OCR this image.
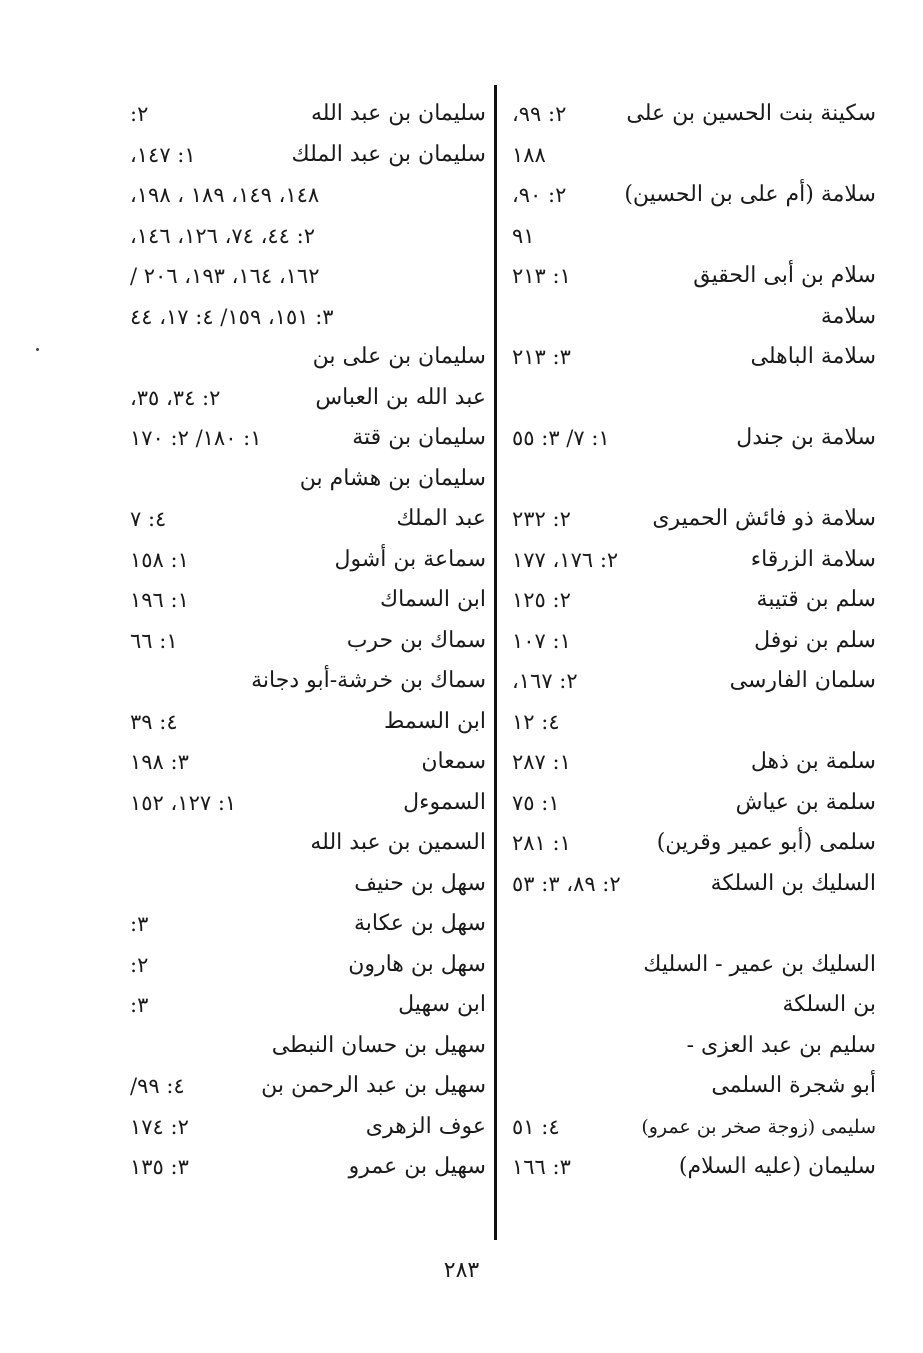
سكينة بنت الحسين بن على
٢: ٩٩،
١٨٨
سلامة (أم على بن الحسين)
٢: ٩٠،
٩١
سلام بن أبى الحقيق
١: ٢١٣
سلامة
سلامة الباهلى
٣: ٢١٣
سلامة بن جندل
١: ٧/ ٣: ٥٥
سلامة ذو فائش الحميرى
٢: ٢٣٢
سلامة الزرقاء
٢: ١٧٦، ١٧٧
سلم بن قتيبة
٢: ١٢٥
سلم بن نوفل
١: ١٠٧
سلمان الفارسى
٢: ١٦٧،
٤: ١٢
سلمة بن ذهل
١: ٢٨٧
سلمة بن عياش
١: ٧٥
سلمى (أبو عمير وقرين)
١: ٢٨١
السليك بن السلكة
٢: ٨٩، ٣: ٥٣
السليك بن عمير - السليك
بن السلكة
سليم بن عبد العزى -
أبو شجرة السلمى
سليمى (زوجة صخر بن عمرو)
٤: ٥١
سليمان (عليه السلام)
٣: ١٦٦
سليمان بن عبد الله
٢:
سليمان بن عبد الملك
١: ١٤٧،
١٤٨، ١٤٩، ١٨٩ ، ١٩٨،
٢: ٤٤، ٧٤، ١٢٦، ١٤٦،
١٦٢، ١٦٤، ١٩٣، ٢٠٦ /
٣: ١٥١، ١٥٩/ ٤: ١٧، ٤٤
سليمان بن على بن
عبد الله بن العباس
٢: ٣٤، ٣٥،
سليمان بن قتة
١: ١٨٠/ ٢: ١٧٠
سليمان بن هشام بن
عبد الملك
٤: ٧
سماعة بن أشول
١: ١٥٨
ابن السماك
١: ١٩٦
سماك بن حرب
١: ٦٦
سماك بن خرشة-أبو دجانة
ابن السمط
٤: ٣٩
سمعان
٣: ١٩٨
السموءل
١: ١٢٧، ١٥٢
السمين بن عبد الله
سهل بن حنيف
سهل بن عكابة
٣:
سهل بن هارون
٢:
ابن سهيل
٣:
سهيل بن حسان النبطى
سهيل بن عبد الرحمن بن
٤: ٩٩/
عوف الزهرى
٢: ١٧٤
سهيل بن عمرو
٣: ١٣٥
٢٨٣
